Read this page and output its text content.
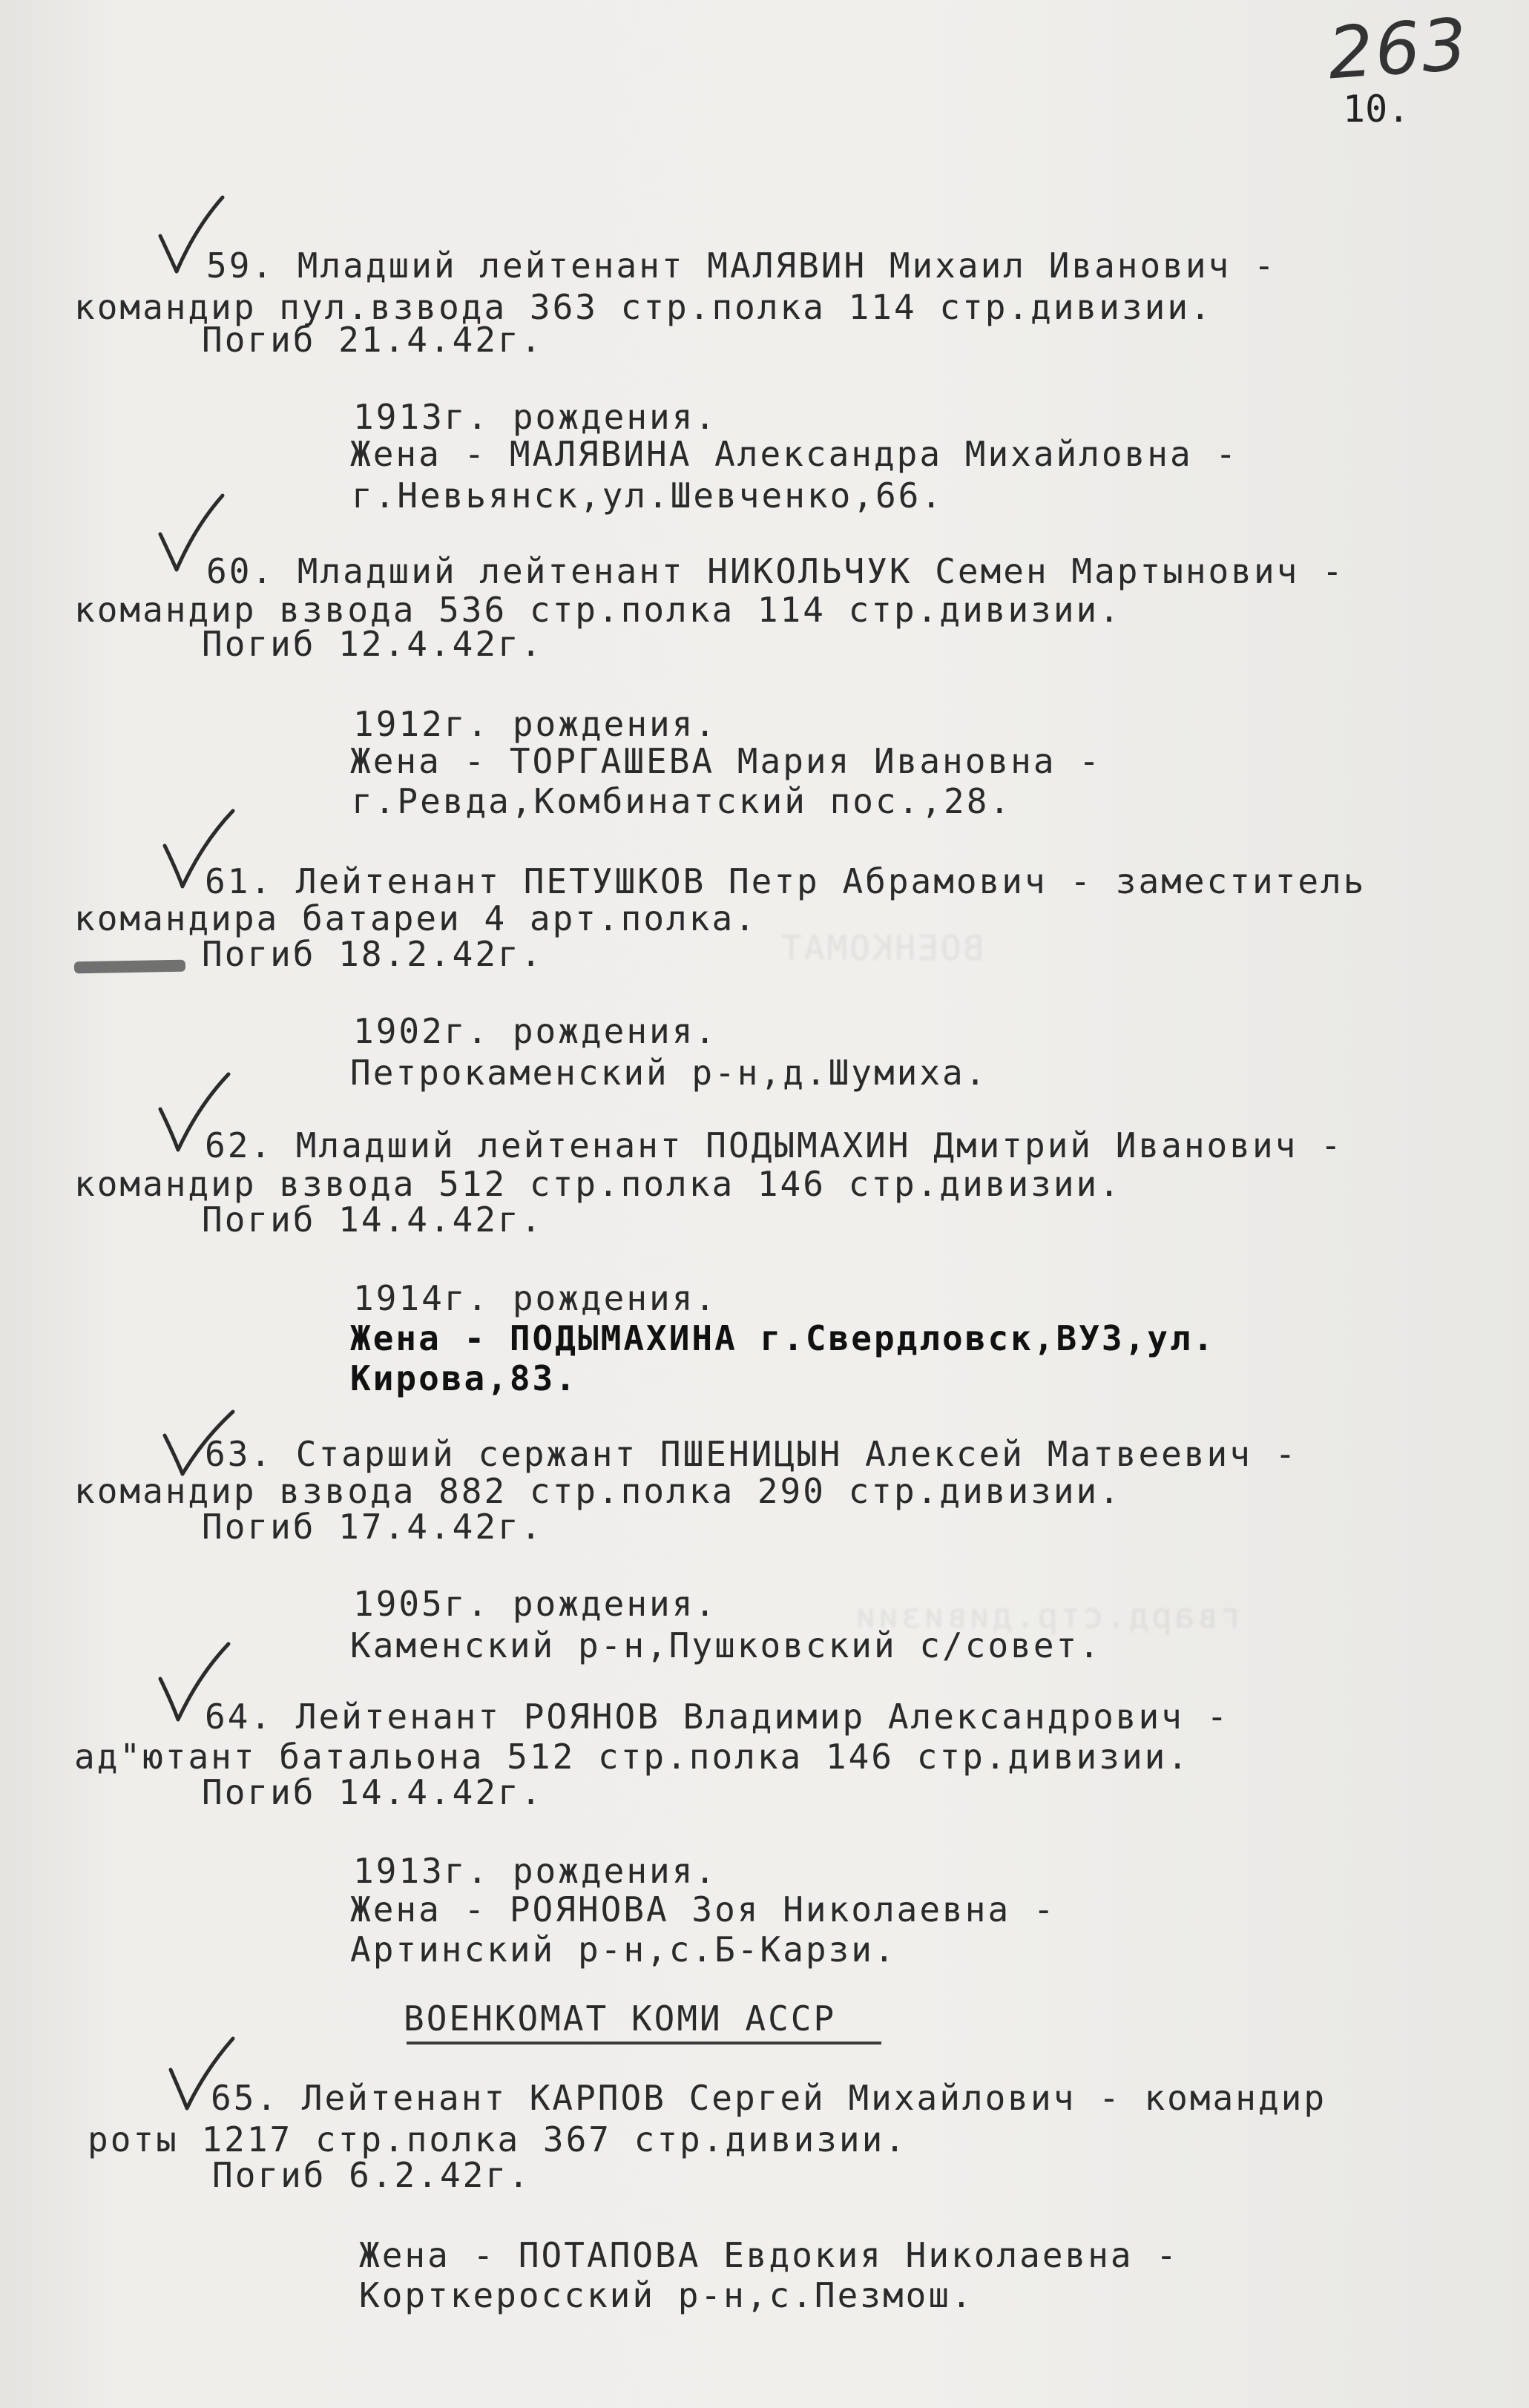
ВОЕНКОМАТ
гвард.стр.дивизии
263
10.
59. Младший лейтенант МАЛЯВИН Михаил Иванович -
командир пул.взвода 363 стр.полка 114 стр.дивизии.
Погиб 21.4.42г.
1913г. рождения.
Жена - МАЛЯВИНА Александра Михайловна -
г.Невьянск,ул.Шевченко,66.
60. Младший лейтенант НИКОЛЬЧУК Семен Мартынович -
командир взвода 536 стр.полка 114 стр.дивизии.
Погиб 12.4.42г.
1912г. рождения.
Жена - ТОРГАШЕВА Мария Ивановна -
г.Ревда,Комбинатский пос.,28.
61. Лейтенант ПЕТУШКОВ Петр Абрамович - заместитель
командира батареи 4 арт.полка.
Погиб 18.2.42г.
1902г. рождения.
Петрокаменский р-н,д.Шумиха.
62. Младший лейтенант ПОДЫМАХИН Дмитрий Иванович -
командир взвода 512 стр.полка 146 стр.дивизии.
Погиб 14.4.42г.
1914г. рождения.
Жена - ПОДЫМАХИНА г.Свердловск,ВУЗ,ул.
Кирова,83.
63. Старший сержант ПШЕНИЦЫН Алексей Матвеевич -
командир взвода 882 стр.полка 290 стр.дивизии.
Погиб 17.4.42г.
1905г. рождения.
Каменский р-н,Пушковский с/совет.
64. Лейтенант РОЯНОВ Владимир Александрович -
ад"ютант батальона 512 стр.полка 146 стр.дивизии.
Погиб 14.4.42г.
1913г. рождения.
Жена - РОЯНОВА Зоя Николаевна -
Артинский р-н,с.Б-Карзи.
ВОЕНКОМАТ КОМИ АССР
65. Лейтенант КАРПОВ Сергей Михайлович - командир
роты 1217 стр.полка 367 стр.дивизии.
Погиб 6.2.42г.
Жена - ПОТАПОВА Евдокия Николаевна -
Корткеросский р-н,с.Пезмош.
